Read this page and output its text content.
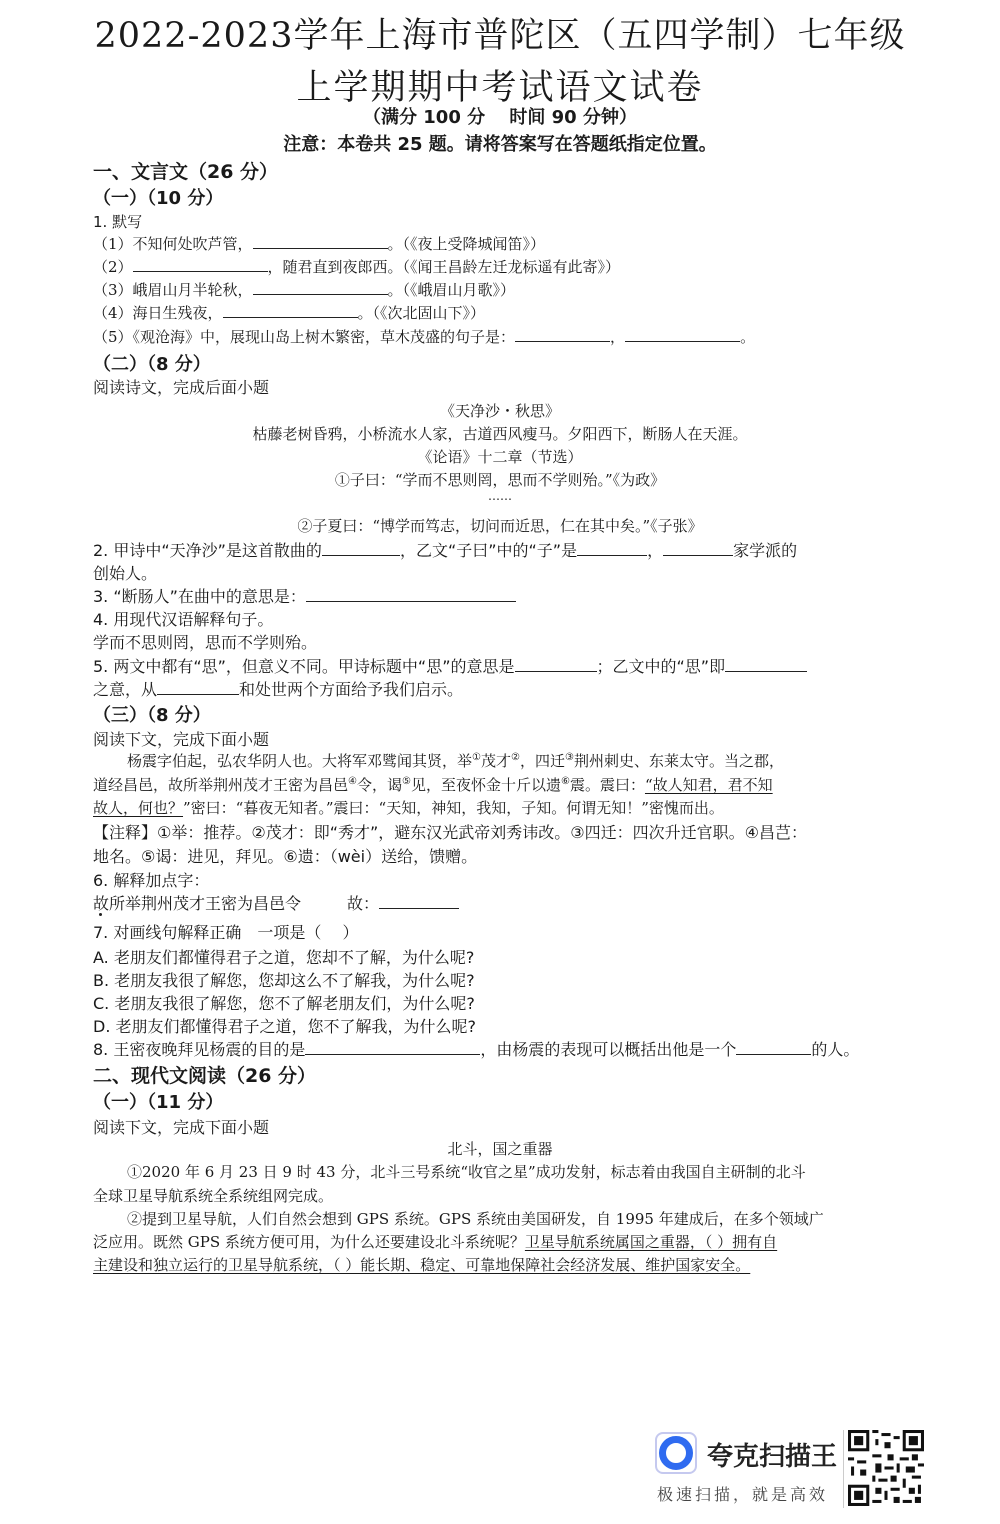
2022-2023学年上海市普陀区（五四学制）七年级
上学期期中考试语文试卷
（满分 100 分　 时间 90 分钟）
注意：本卷共 25 题。请将答案写在答题纸指定位置。
一、文言文（26 分）
（一）（10 分）
1. 默写
（1）不知何处吹芦管，	。（《夜上受降城闻笛》）
（2）	，随君直到夜郎西。（《闻王昌龄左迁龙标遥有此寄》）
（3）峨眉山月半轮秋，	。（《峨眉山月歌》）
（4）海日生残夜，	。（《次北固山下》）
（5）《观沧海》中，展现山岛上树木繁密，草木茂盛的句子是：	，	。
（二）（8 分）
阅读诗文，完成后面小题
《天净沙・秋思》
枯藤老树昏鸦，小桥流水人家，古道西风瘦马。夕阳西下，断肠人在天涯。
《论语》十二章（节选）
①子曰：“学而不思则罔，思而不学则殆。”《为政》
……
②子夏曰：“博学而笃志，切问而近思，仁在其中矣。”《子张》
2. 甲诗中“天净沙”是这首散曲的	，乙文“子曰”中的“子”是	，	家学派的
创始人。
3. “断肠人”在曲中的意思是：
4. 用现代汉语解释句子。
学而不思则罔，思而不学则殆。
5. 两文中都有“思”，但意义不同。甲诗标题中“思”的意思是	；乙文中的“思”即
之意，从	和处世两个方面给予我们启示。
（三）（8 分）
阅读下文，完成下面小题
杨震字伯起，弘农华阴人也。大将军邓骘闻其贤，举①茂才②，四迁③荆州刺史、东莱太守。当之郡，
道经昌邑，故所举荆州茂才王密为昌邑④令，谒⑤见，至夜怀金十斤以遗⑥震。震曰：“故人知君，君不知
故人，何也？”密曰：“暮夜无知者。”震曰：“天知，神知，我知，子知。何谓无知！”密愧而出。
【注释】①举：推荐。②茂才：即“秀才”，避东汉光武帝刘秀讳改。③四迁：四次升迁官职。④昌芑：
地名。⑤谒：进见，拜见。⑥遗：（wèi）送给，馈赠。
6. 解释加点字：
故所举荆州茂才王密为昌邑令	故：
7. 对画线句解释正确　一项是（　 ）
A. 老朋友们都懂得君子之道，您却不了解，为什么呢?
B. 老朋友我很了解您，您却这么不了解我，为什么呢?
C. 老朋友我很了解您，您不了解老朋友们，为什么呢?
D. 老朋友们都懂得君子之道，您不了解我，为什么呢?
8. 王密夜晚拜见杨震的目的是	，由杨震的表现可以概括出他是一个	的人。
二、现代文阅读（26 分）
（一）（11 分）
阅读下文，完成下面小题
北斗，国之重器
①2020 年 6 月 23 日 9 时 43 分，北斗三号系统“收官之星”成功发射，标志着由我国自主研制的北斗
全球卫星导航系统全系统组网完成。
②提到卫星导航，人们自然会想到 GPS 系统。GPS 系统由美国研发，自 1995 年建成后，在多个领域广
泛应用。既然 GPS 系统方便可用，为什么还要建设北斗系统呢？卫星导航系统属国之重器，（ ）拥有自
主建设和独立运行的卫星导航系统，（ ）能长期、稳定、可靠地保障社会经济发展、维护国家安全。
夸克扫描王
极速扫描，就是高效
